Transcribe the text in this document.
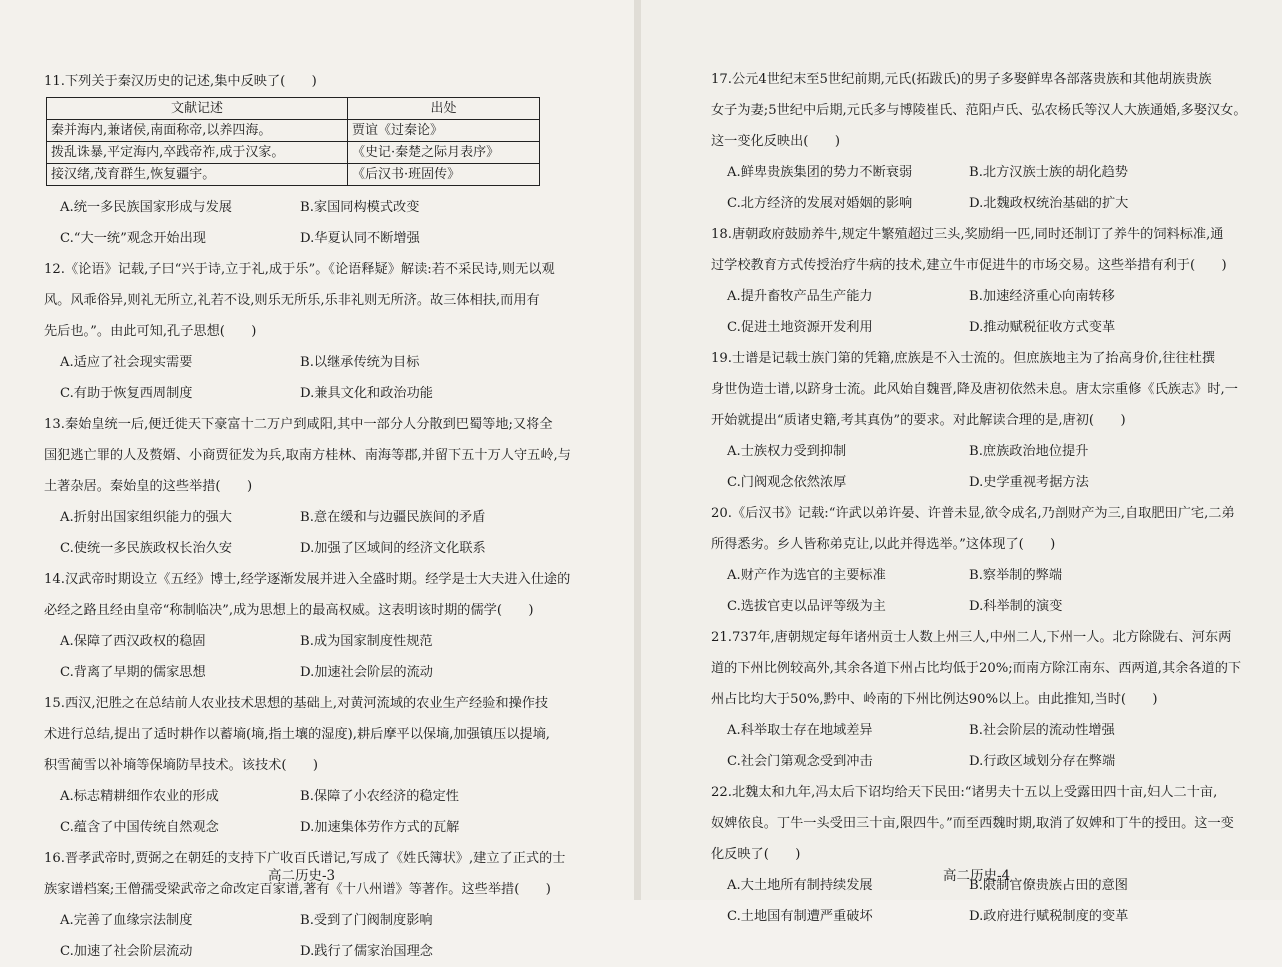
11.下列关于秦汉历史的记述,集中反映了(　　)
文献记述	出处
秦并海内,兼诸侯,南面称帝,以养四海。	贾谊《过秦论》
拨乱诛暴,平定海内,卒践帝祚,成于汉家。	《史记·秦楚之际月表序》
接汉绪,茂育群生,恢复疆宇。	《后汉书·班固传》
A.统一多民族国家形成与发展	B.家国同构模式改变
C.“大一统”观念开始出现	D.华夏认同不断增强
12.《论语》记载,子曰“兴于诗,立于礼,成于乐”。《论语释疑》解读:若不采民诗,则无以观
风。风乖俗异,则礼无所立,礼若不设,则乐无所乐,乐非礼则无所济。故三体相扶,而用有
先后也。”。由此可知,孔子思想(　　)
A.适应了社会现实需要	B.以继承传统为目标
C.有助于恢复西周制度	D.兼具文化和政治功能
13.秦始皇统一后,便迁徙天下豪富十二万户到咸阳,其中一部分人分散到巴蜀等地;又将全
国犯逃亡罪的人及赘婿、小商贾征发为兵,取南方桂林、南海等郡,并留下五十万人守五岭,与
土著杂居。秦始皇的这些举措(　　)
A.折射出国家组织能力的强大	B.意在缓和与边疆民族间的矛盾
C.使统一多民族政权长治久安	D.加强了区域间的经济文化联系
14.汉武帝时期设立《五经》博士,经学逐渐发展并进入全盛时期。经学是士大夫进入仕途的
必经之路且经由皇帝“称制临决”,成为思想上的最高权威。这表明该时期的儒学(　　)
A.保障了西汉政权的稳固	B.成为国家制度性规范
C.背离了早期的儒家思想	D.加速社会阶层的流动
15.西汉,汜胜之在总结前人农业技术思想的基础上,对黄河流域的农业生产经验和操作技
术进行总结,提出了适时耕作以蓄墒(墒,指土壤的湿度),耕后摩平以保墒,加强镇压以提墒,
积雪蔺雪以补墒等保墒防旱技术。该技术(　　)
A.标志精耕细作农业的形成	B.保障了小农经济的稳定性
C.蕴含了中国传统自然观念	D.加速集体劳作方式的瓦解
16.晋孝武帝时,贾弼之在朝廷的支持下广收百氏谱记,写成了《姓氏簿状》,建立了正式的士
族家谱档案;王僧孺受梁武帝之命改定百家谱,著有《十八州谱》等著作。这些举措(　　)
A.完善了血缘宗法制度	B.受到了门阀制度影响
C.加速了社会阶层流动	D.践行了儒家治国理念
高二历史-3
17.公元4世纪末至5世纪前期,元氏(拓跋氏)的男子多娶鲜卑各部落贵族和其他胡族贵族
女子为妻;5世纪中后期,元氏多与博陵崔氏、范阳卢氏、弘农杨氏等汉人大族通婚,多娶汉女。
这一变化反映出(　　)
A.鲜卑贵族集团的势力不断衰弱	B.北方汉族士族的胡化趋势
C.北方经济的发展对婚姻的影响	D.北魏政权统治基础的扩大
18.唐朝政府鼓励养牛,规定牛繁殖超过三头,奖励绢一匹,同时还制订了养牛的饲料标准,通
过学校教育方式传授治疗牛病的技术,建立牛市促进牛的市场交易。这些举措有利于(　　)
A.提升畜牧产品生产能力	B.加速经济重心向南转移
C.促进土地资源开发利用	D.推动赋税征收方式变革
19.士谱是记载士族门第的凭籍,庶族是不入士流的。但庶族地主为了抬高身价,往往杜撰
身世伪造士谱,以跻身士流。此风始自魏晋,降及唐初依然未息。唐太宗重修《氏族志》时,一
开始就提出“质诸史籍,考其真伪”的要求。对此解读合理的是,唐初(　　)
A.士族权力受到抑制	B.庶族政治地位提升
C.门阀观念依然浓厚	D.史学重视考据方法
20.《后汉书》记载:“许武以弟许晏、许普未显,欲令成名,乃剖财产为三,自取肥田广宅,二弟
所得悉劣。乡人皆称弟克让,以此并得选举。”这体现了(　　)
A.财产作为选官的主要标准	B.察举制的弊端
C.选拔官吏以品评等级为主	D.科举制的演变
21.737年,唐朝规定每年诸州贡士人数上州三人,中州二人,下州一人。北方除陇右、河东两
道的下州比例较高外,其余各道下州占比均低于20%;而南方除江南东、西两道,其余各道的下
州占比均大于50%,黔中、岭南的下州比例达90%以上。由此推知,当时(　　)
A.科举取士存在地域差异	B.社会阶层的流动性增强
C.社会门第观念受到冲击	D.行政区域划分存在弊端
22.北魏太和九年,冯太后下诏均给天下民田:“诸男夫十五以上受露田四十亩,妇人二十亩,
奴婢依良。丁牛一头受田三十亩,限四牛。”而至西魏时期,取消了奴婢和丁牛的授田。这一变
化反映了(　　)
A.大土地所有制持续发展	B.限制官僚贵族占田的意图
C.土地国有制遭严重破坏	D.政府进行赋税制度的变革
高二历史-4
